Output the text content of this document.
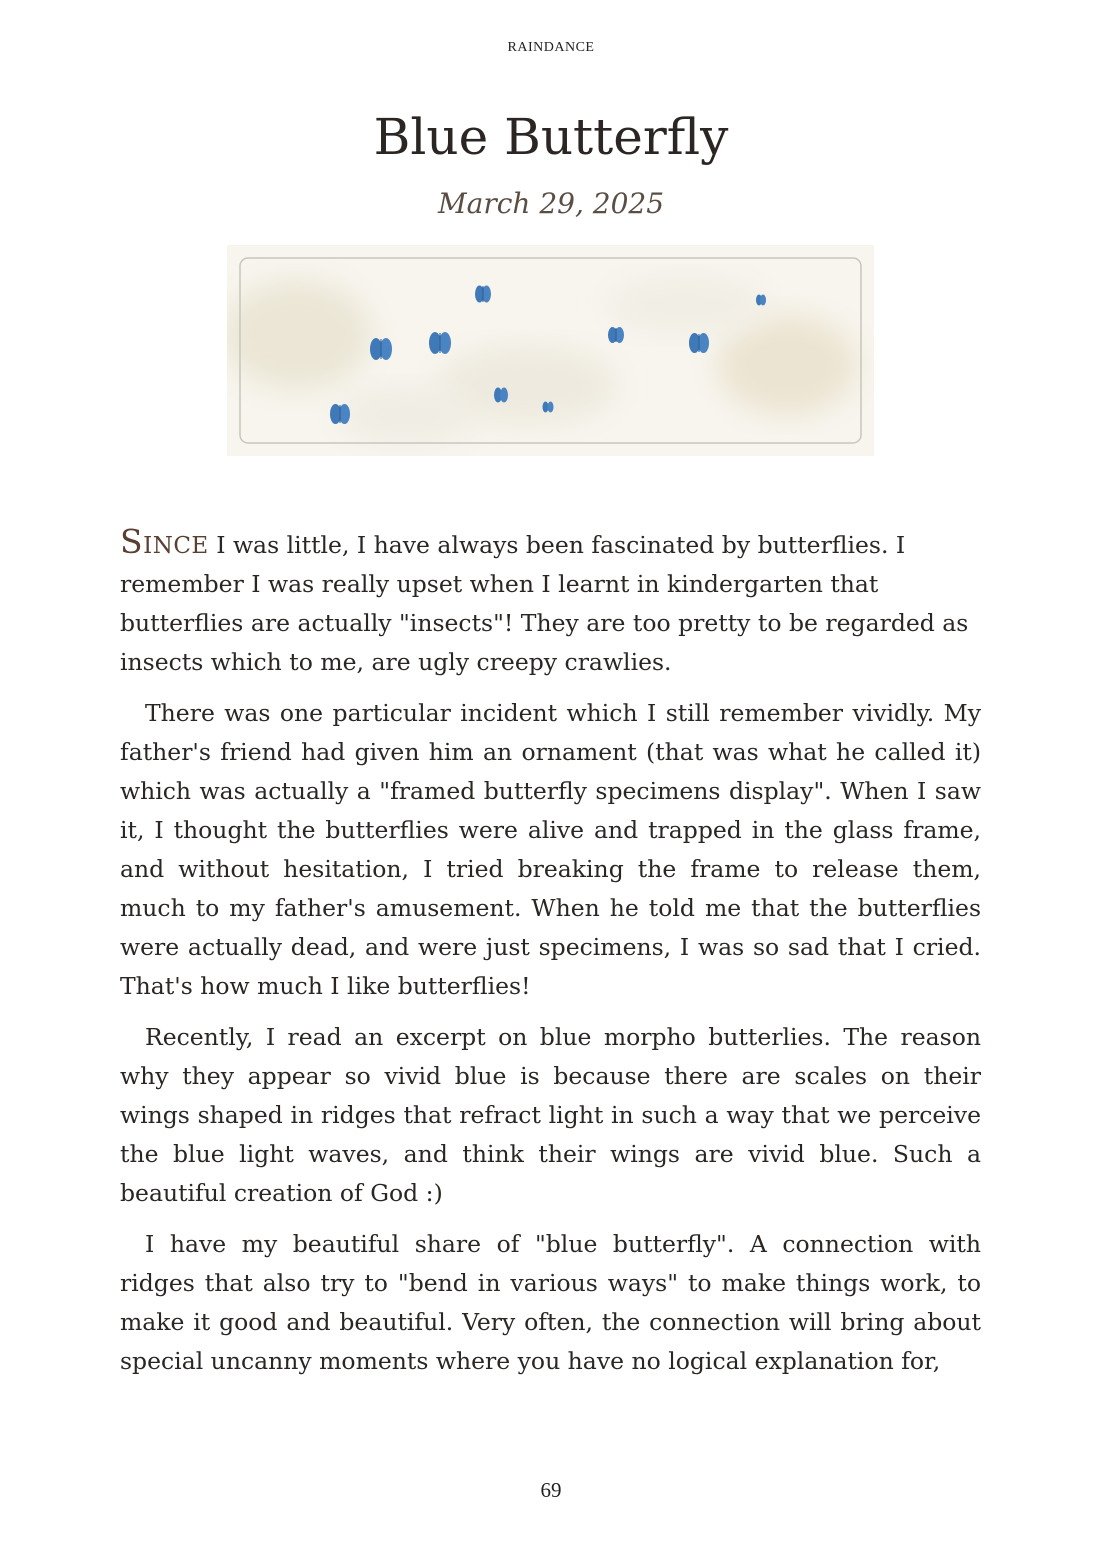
RAINDANCE
Blue Butterfly
March 29, 2025

Since I was little, I have always been fascinated by butterflies. I remember I was really upset when I learnt in kindergarten that butterflies are actually "insects"! They are too pretty to be regarded as insects which to me, are ugly creepy crawlies.

There was one particular incident which I still remember vividly. My father's friend had given him an ornament (that was what he called it) which was actually a "framed butterfly specimens display". When I saw it, I thought the butterflies were alive and trapped in the glass frame, and without hesitation, I tried breaking the frame to release them, much to my father's amusement. When he told me that the butterflies were actually dead, and were just specimens, I was so sad that I cried. That's how much I like butterflies!

Recently, I read an excerpt on blue morpho butterlies. The reason why they appear so vivid blue is because there are scales on their wings shaped in ridges that refract light in such a way that we perceive the blue light waves, and think their wings are vivid blue. Such a beautiful creation of God :)

I have my beautiful share of "blue butterfly". A connection with ridges that also try to "bend in various ways" to make things work, to make it good and beautiful. Very often, the connection will bring about special uncanny moments where you have no logical explanation for,

69
